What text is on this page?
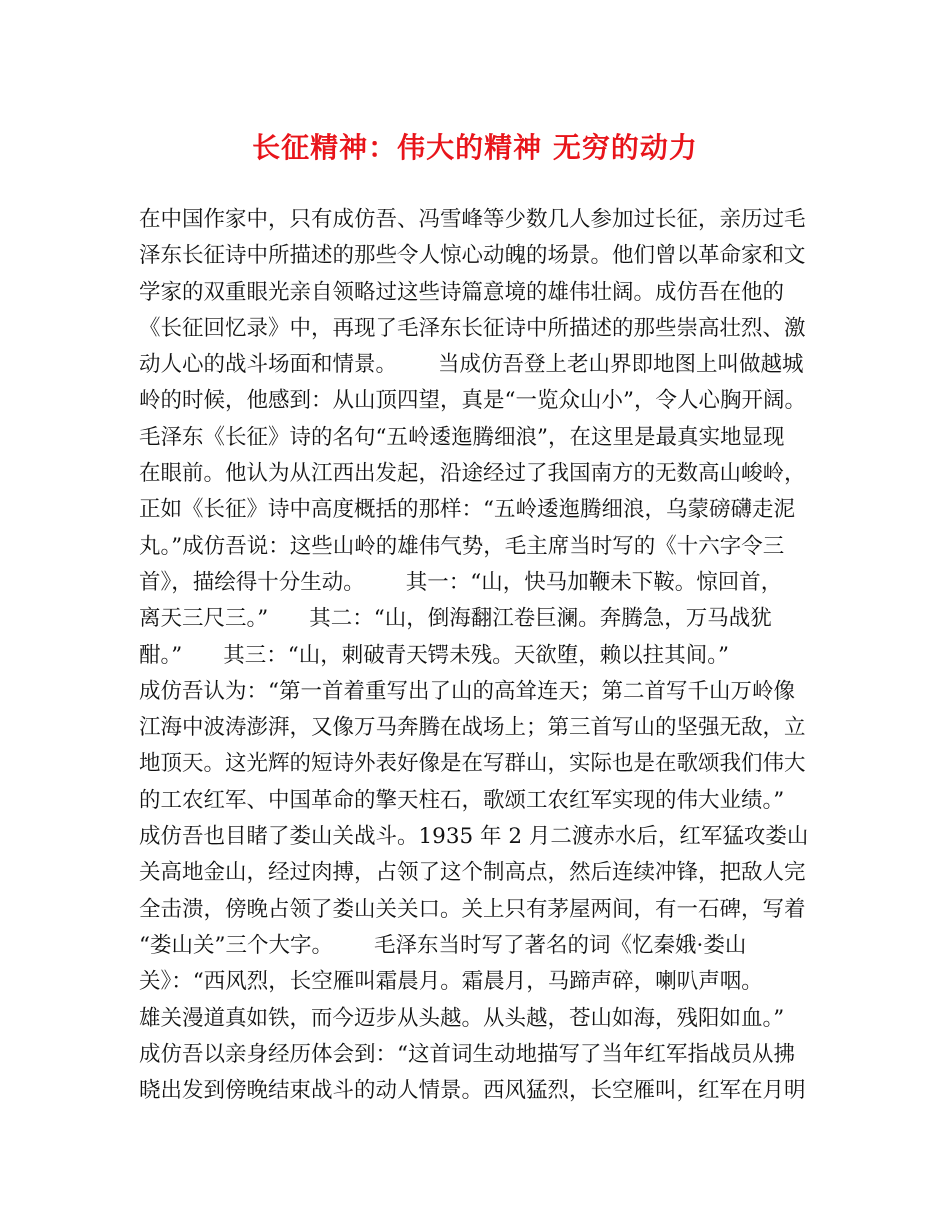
长征精神：伟大的精神 无穷的动力
在中国作家中，只有成仿吾、冯雪峰等少数几人参加过长征，亲历过毛
泽东长征诗中所描述的那些令人惊心动魄的场景。他们曾以革命家和文
学家的双重眼光亲自领略过这些诗篇意境的雄伟壮阔。成仿吾在他的
《长征回忆录》中，再现了毛泽东长征诗中所描述的那些崇高壮烈、激
动人心的战斗场面和情景。      当成仿吾登上老山界即地图上叫做越城
岭的时候，他感到：从山顶四望，真是“一览众山小”，令人心胸开阔。
毛泽东《长征》诗的名句“五岭逶迤腾细浪”，在这里是最真实地显现
在眼前。他认为从江西出发起，沿途经过了我国南方的无数高山峻岭，
正如《长征》诗中高度概括的那样：“五岭逶迤腾细浪，乌蒙磅礴走泥
丸。”成仿吾说：这些山岭的雄伟气势，毛主席当时写的《十六字令三
首》，描绘得十分生动。      其一：“山，快马加鞭未下鞍。惊回首，
离天三尺三。”      其二：“山，倒海翻江卷巨澜。奔腾急，万马战犹
酣。”      其三：“山，刺破青天锷未残。天欲堕，赖以拄其间。”
成仿吾认为：“第一首着重写出了山的高耸连天；第二首写千山万岭像
江海中波涛澎湃，又像万马奔腾在战场上；第三首写山的坚强无敌，立
地顶天。这光辉的短诗外表好像是在写群山，实际也是在歌颂我们伟大
的工农红军、中国革命的擎天柱石，歌颂工农红军实现的伟大业绩。”
成仿吾也目睹了娄山关战斗。1935 年 2 月二渡赤水后，红军猛攻娄山
关高地金山，经过肉搏，占领了这个制高点，然后连续冲锋，把敌人完
全击溃，傍晚占领了娄山关关口。关上只有茅屋两间，有一石碑，写着
“娄山关”三个大字。      毛泽东当时写了著名的词《忆秦娥·娄山
关》：“西风烈，长空雁叫霜晨月。霜晨月，马蹄声碎，喇叭声咽。
雄关漫道真如铁，而今迈步从头越。从头越，苍山如海，残阳如血。”
成仿吾以亲身经历体会到：“这首词生动地描写了当年红军指战员从拂
晓出发到傍晚结束战斗的动人情景。西风猛烈，长空雁叫，红军在月明
